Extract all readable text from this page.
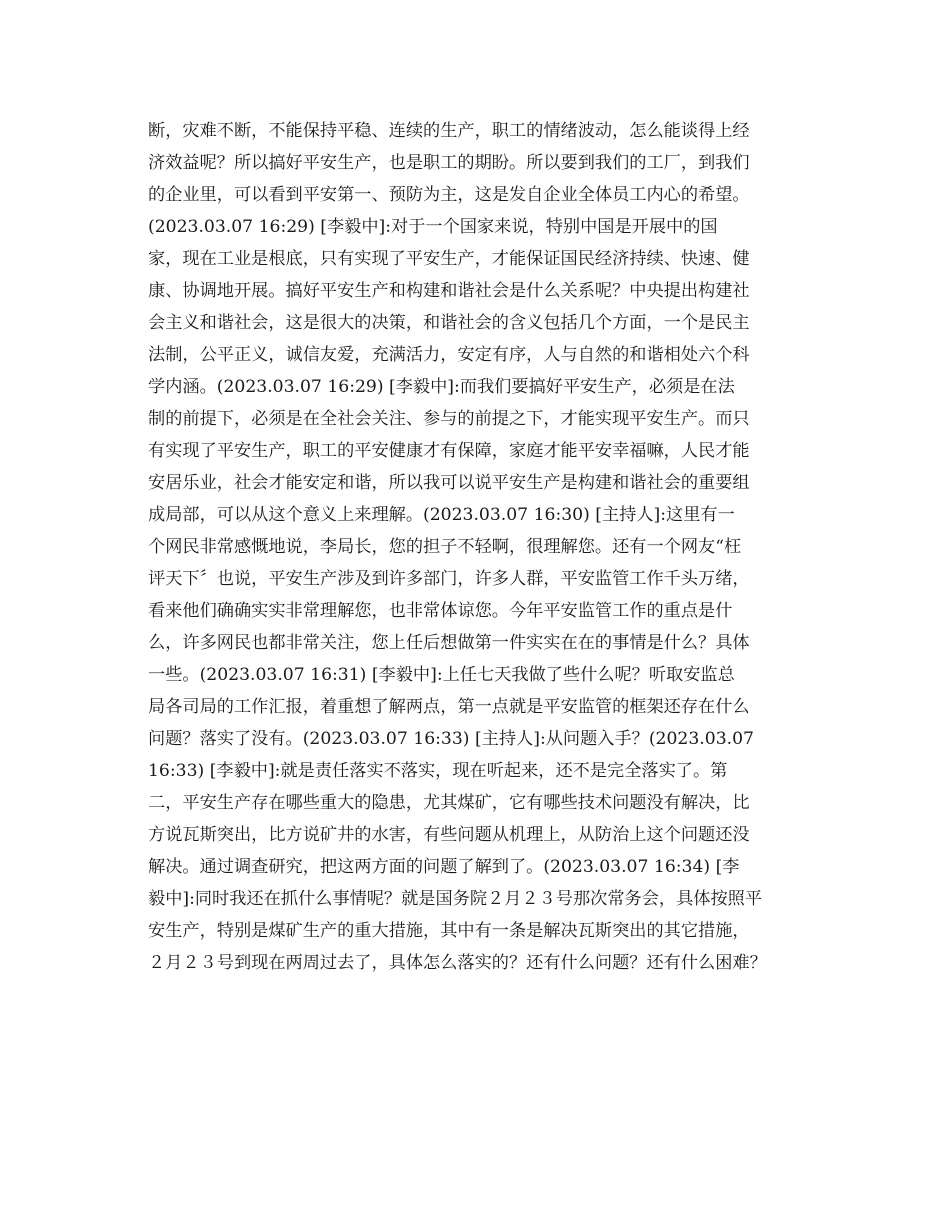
断，灾难不断，不能保持平稳、连续的生产，职工的情绪波动，怎么能谈得上经
济效益呢？所以搞好平安生产，也是职工的期盼。所以要到我们的工厂，到我们
的企业里，可以看到平安第一、预防为主，这是发自企业全体员工内心的希望。
(2023.03.07 16:29) [李毅中]:对于一个国家来说，特别中国是开展中的国
家，现在工业是根底，只有实现了平安生产，才能保证国民经济持续、快速、健
康、协调地开展。搞好平安生产和构建和谐社会是什么关系呢？中央提出构建社
会主义和谐社会，这是很大的决策，和谐社会的含义包括几个方面，一个是民主
法制，公平正义，诚信友爱，充满活力，安定有序，人与自然的和谐相处六个科
学内涵。(2023.03.07 16:29) [李毅中]:而我们要搞好平安生产，必须是在法
制的前提下，必须是在全社会关注、参与的前提之下，才能实现平安生产。而只
有实现了平安生产，职工的平安健康才有保障，家庭才能平安幸福嘛，人民才能
安居乐业，社会才能安定和谐，所以我可以说平安生产是构建和谐社会的重要组
成局部，可以从这个意义上来理解。(2023.03.07 16:30) [主持人]:这里有一
个网民非常感慨地说，李局长，您的担子不轻啊，很理解您。还有一个网友“枉
评天下〞也说，平安生产涉及到许多部门，许多人群，平安监管工作千头万绪，
看来他们确确实实非常理解您，也非常体谅您。今年平安监管工作的重点是什
么，许多网民也都非常关注，您上任后想做第一件实实在在的事情是什么？具体
一些。(2023.03.07 16:31) [李毅中]:上任七天我做了些什么呢？听取安监总
局各司局的工作汇报，着重想了解两点，第一点就是平安监管的框架还存在什么
问题？落实了没有。(2023.03.07 16:33) [主持人]:从问题入手？(2023.03.07
16:33) [李毅中]:就是责任落实不落实，现在听起来，还不是完全落实了。第
二，平安生产存在哪些重大的隐患，尤其煤矿，它有哪些技术问题没有解决，比
方说瓦斯突出，比方说矿井的水害，有些问题从机理上，从防治上这个问题还没
解决。通过调查研究，把这两方面的问题了解到了。(2023.03.07 16:34) [李
毅中]:同时我还在抓什么事情呢？就是国务院２月２３号那次常务会，具体按照平
安生产，特别是煤矿生产的重大措施，其中有一条是解决瓦斯突出的其它措施，
２月２３号到现在两周过去了，具体怎么落实的？还有什么问题？还有什么困难？
